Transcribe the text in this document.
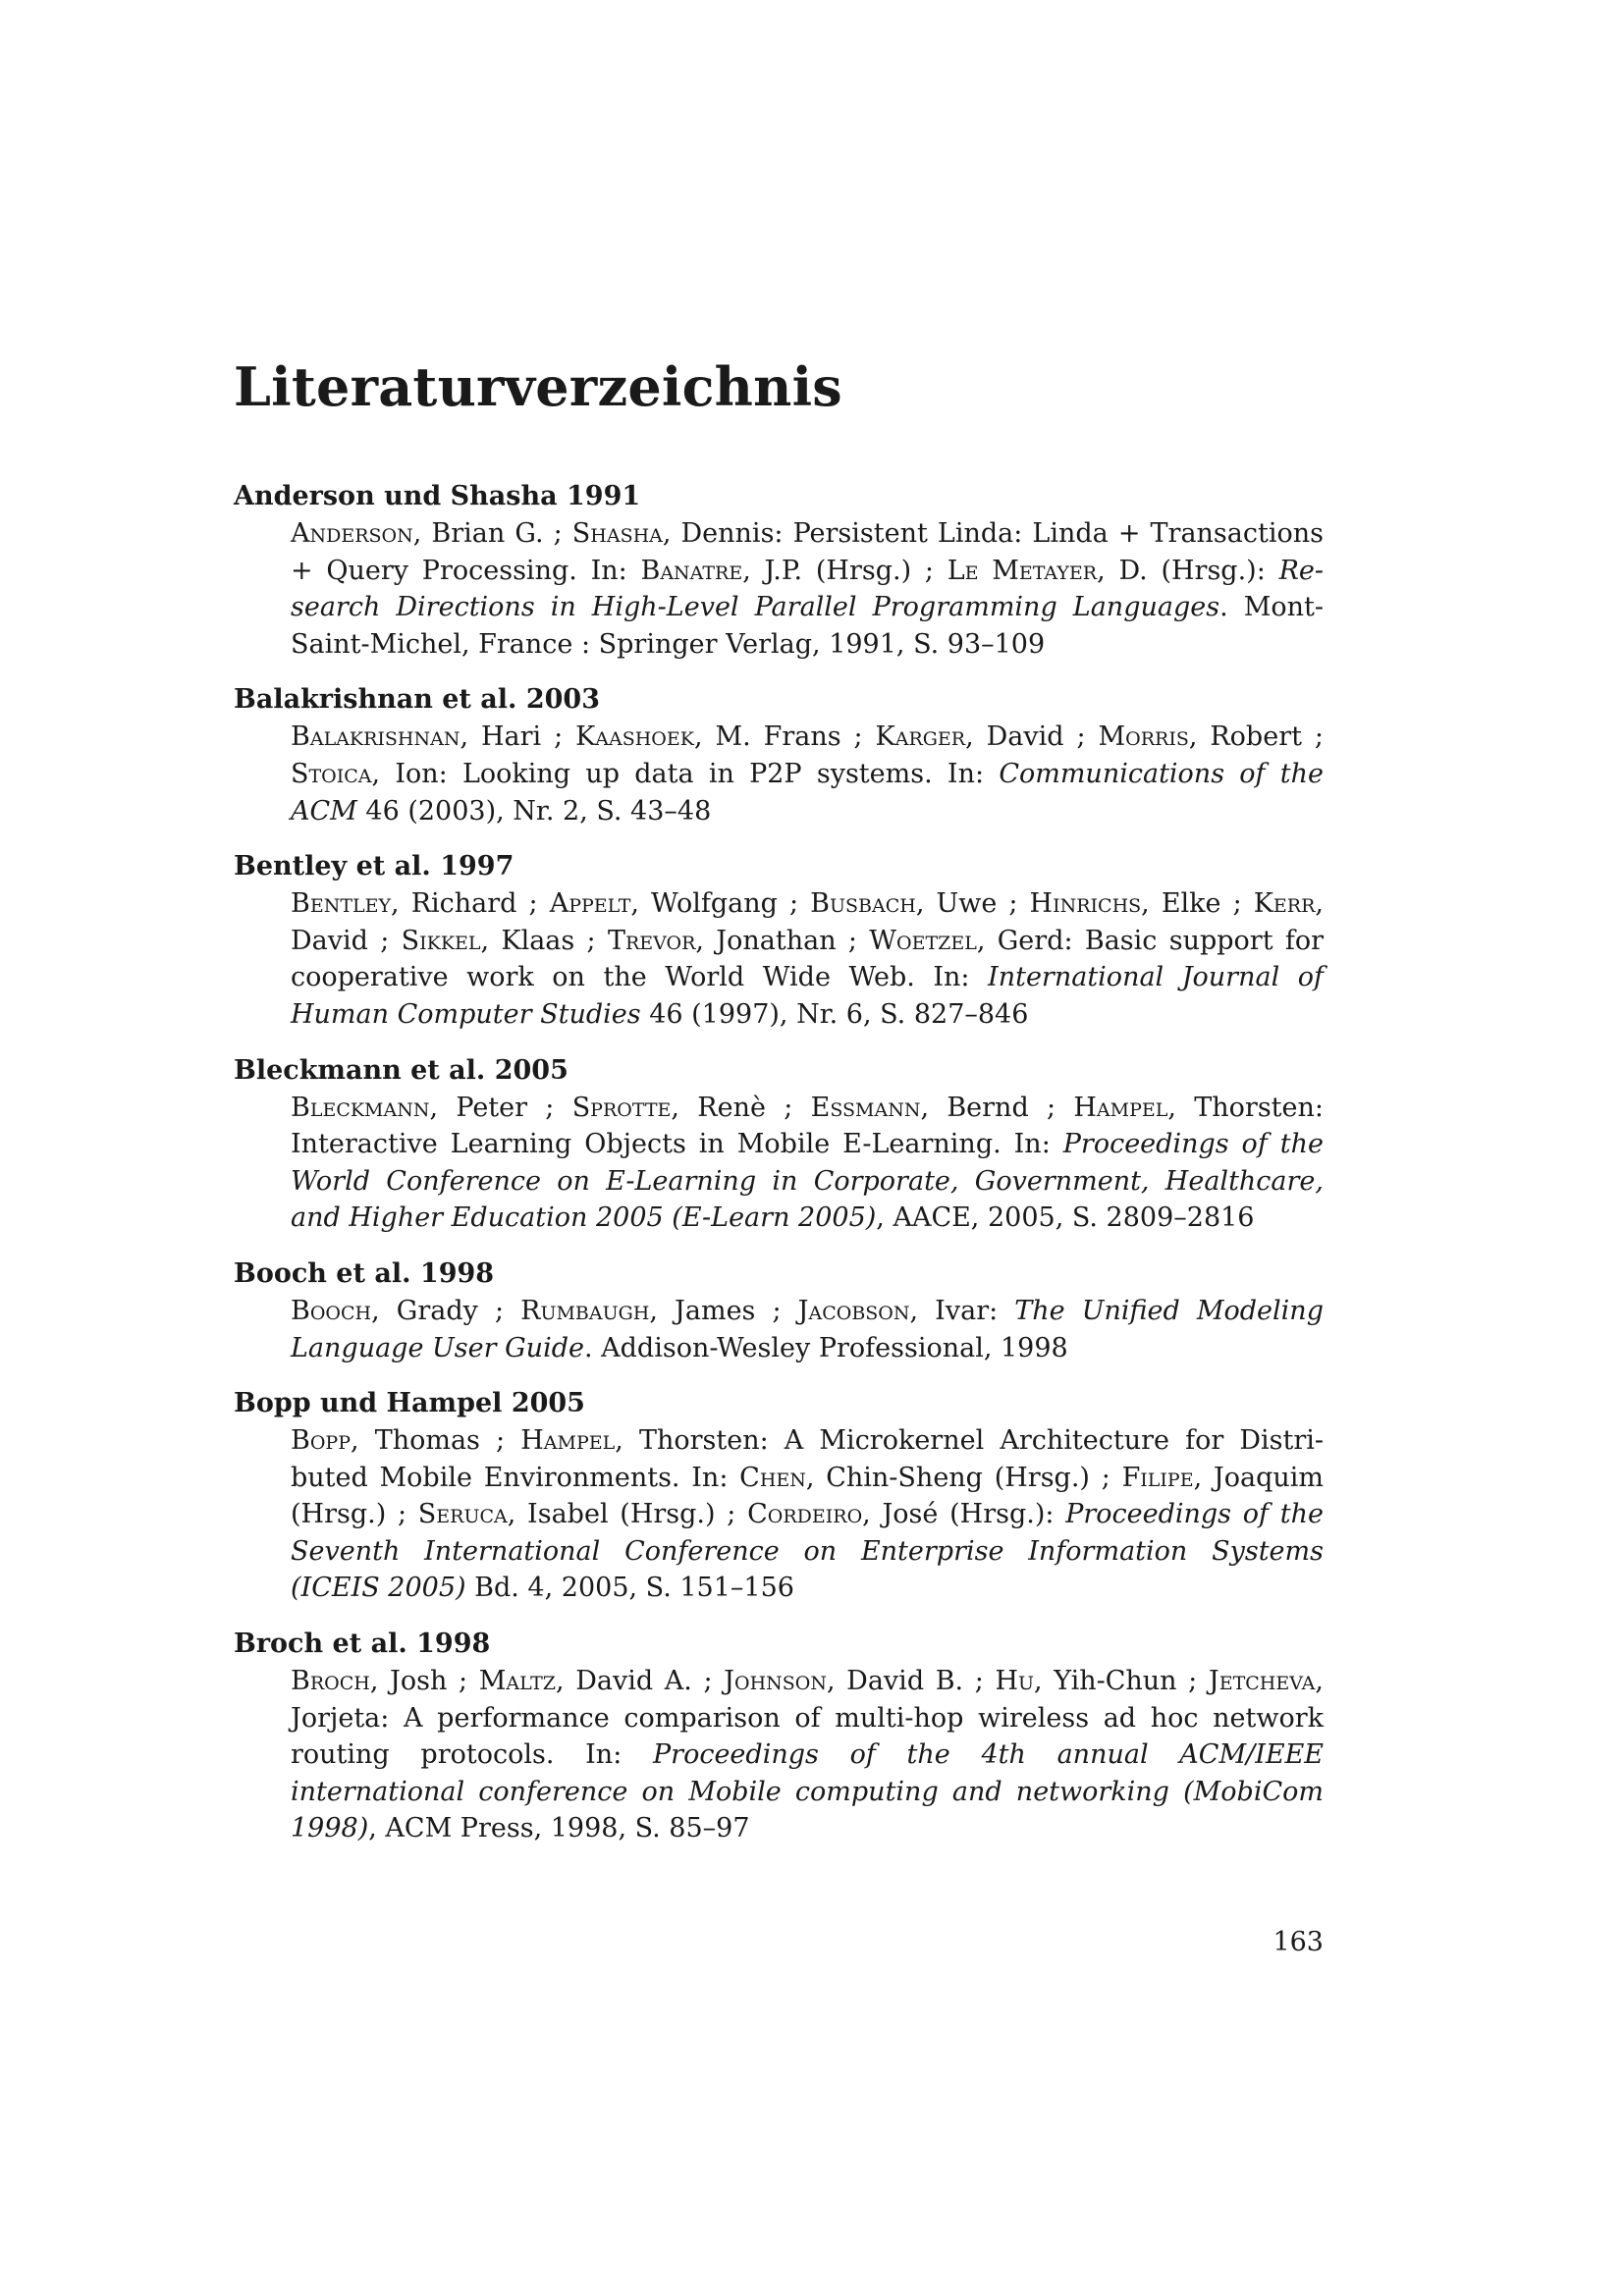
Literaturverzeichnis
Anderson und Shasha 1991
Anderson, Brian G. ; Shasha, Dennis: Persistent Linda: Linda + Transactions + Query Processing. In: Banatre, J.P. (Hrsg.) ; Le Metayer, D. (Hrsg.): Research Directions in High-Level Parallel Programming Languages. Mont-Saint-Michel, France : Springer Verlag, 1991, S. 93–109
Balakrishnan et al. 2003
Balakrishnan, Hari ; Kaashoek, M. Frans ; Karger, David ; Morris, Robert ; Stoica, Ion: Looking up data in P2P systems. In: Communications of the ACM 46 (2003), Nr. 2, S. 43–48
Bentley et al. 1997
Bentley, Richard ; Appelt, Wolfgang ; Busbach, Uwe ; Hinrichs, Elke ; Kerr, David ; Sikkel, Klaas ; Trevor, Jonathan ; Woetzel, Gerd: Basic support for cooperative work on the World Wide Web. In: International Journal of Human Computer Studies 46 (1997), Nr. 6, S. 827–846
Bleckmann et al. 2005
Bleckmann, Peter ; Sprotte, Renè ; Essmann, Bernd ; Hampel, Thorsten: Interactive Learning Objects in Mobile E-Learning. In: Proceedings of the World Conference on E-Learning in Corporate, Government, Healthcare, and Higher Education 2005 (E-Learn 2005), AACE, 2005, S. 2809–2816
Booch et al. 1998
Booch, Grady ; Rumbaugh, James ; Jacobson, Ivar: The Unified Modeling Language User Guide. Addison-Wesley Professional, 1998
Bopp und Hampel 2005
Bopp, Thomas ; Hampel, Thorsten: A Microkernel Architecture for Distributed Mobile Environments. In: Chen, Chin-Sheng (Hrsg.) ; Filipe, Joaquim (Hrsg.) ; Seruca, Isabel (Hrsg.) ; Cordeiro, José (Hrsg.): Proceedings of the Seventh International Conference on Enterprise Information Systems (ICEIS 2005) Bd. 4, 2005, S. 151–156
Broch et al. 1998
Broch, Josh ; Maltz, David A. ; Johnson, David B. ; Hu, Yih-Chun ; Jetcheva, Jorjeta: A performance comparison of multi-hop wireless ad hoc network routing protocols. In: Proceedings of the 4th annual ACM/IEEE international conference on Mobile computing and networking (MobiCom 1998), ACM Press, 1998, S. 85–97
163
